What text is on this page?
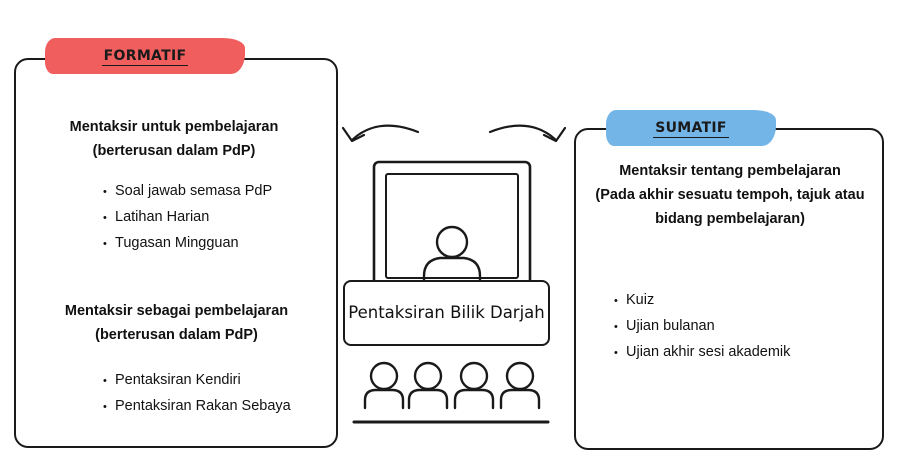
FORMATIF
Mentaksir untuk pembelajaran
(berterusan dalam PdP)
• Soal jawab semasa PdP
• Latihan Harian
• Tugasan Mingguan
Mentaksir sebagai pembelajaran
(berterusan dalam PdP)
• Pentaksiran Kendiri
• Pentaksiran Rakan Sebaya
SUMATIF
Mentaksir tentang pembelajaran
(Pada akhir sesuatu tempoh, tajuk atau
bidang pembelajaran)
• Kuiz
• Ujian bulanan
• Ujian akhir sesi akademik
Pentaksiran Bilik Darjah
